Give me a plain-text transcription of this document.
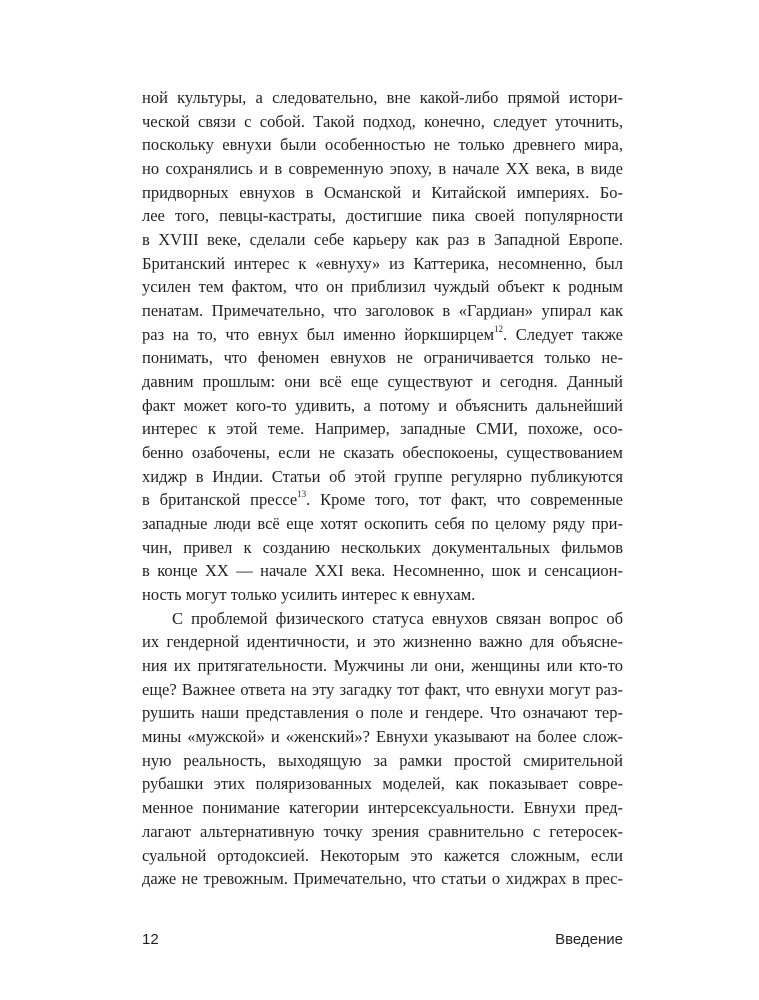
ной культуры, а следовательно, вне какой-либо прямой истори-
ческой связи с собой. Такой подход, конечно, следует уточнить,
поскольку евнухи были особенностью не только древнего мира,
но сохранялись и в современную эпоху, в начале XX века, в виде
придворных евнухов в Османской и Китайской империях. Бо-
лее того, певцы-кастраты, достигшие пика своей популярности
в XVIII веке, сделали себе карьеру как раз в Западной Европе.
Британский интерес к «евнуху» из Каттерика, несомненно, был
усилен тем фактом, что он приблизил чуждый объект к родным
пенатам. Примечательно, что заголовок в «Гардиан» упирал как
раз на то, что евнух был именно йоркширцем$^{12}$. Следует также
понимать, что феномен евнухов не ограничивается только не-
давним прошлым: они всё еще существуют и сегодня. Данный
факт может кого-то удивить, а потому и объяснить дальнейший
интерес к этой теме. Например, западные СМИ, похоже, осо-
бенно озабочены, если не сказать обеспокоены, существованием
хиджр в Индии. Статьи об этой группе регулярно публикуются
в британской прессе$^{13}$. Кроме того, тот факт, что современные
западные люди всё еще хотят оскопить себя по целому ряду при-
чин, привел к созданию нескольких документальных фильмов
в конце XX — начале XXI века. Несомненно, шок и сенсацион-
ность могут только усилить интерес к евнухам.
С проблемой физического статуса евнухов связан вопрос об
их гендерной идентичности, и это жизненно важно для объясне-
ния их притягательности. Мужчины ли они, женщины или кто-то
еще? Важнее ответа на эту загадку тот факт, что евнухи могут раз-
рушить наши представления о поле и гендере. Что означают тер-
мины «мужской» и «женский»? Евнухи указывают на более слож-
ную реальность, выходящую за рамки простой смирительной
рубашки этих поляризованных моделей, как показывает совре-
менное понимание категории интерсексуальности. Евнухи пред-
лагают альтернативную точку зрения сравнительно с гетеросек-
суальной ортодоксией. Некоторым это кажется сложным, если
даже не тревожным. Примечательно, что статьи о хиджрах в прес-
12	Введение
